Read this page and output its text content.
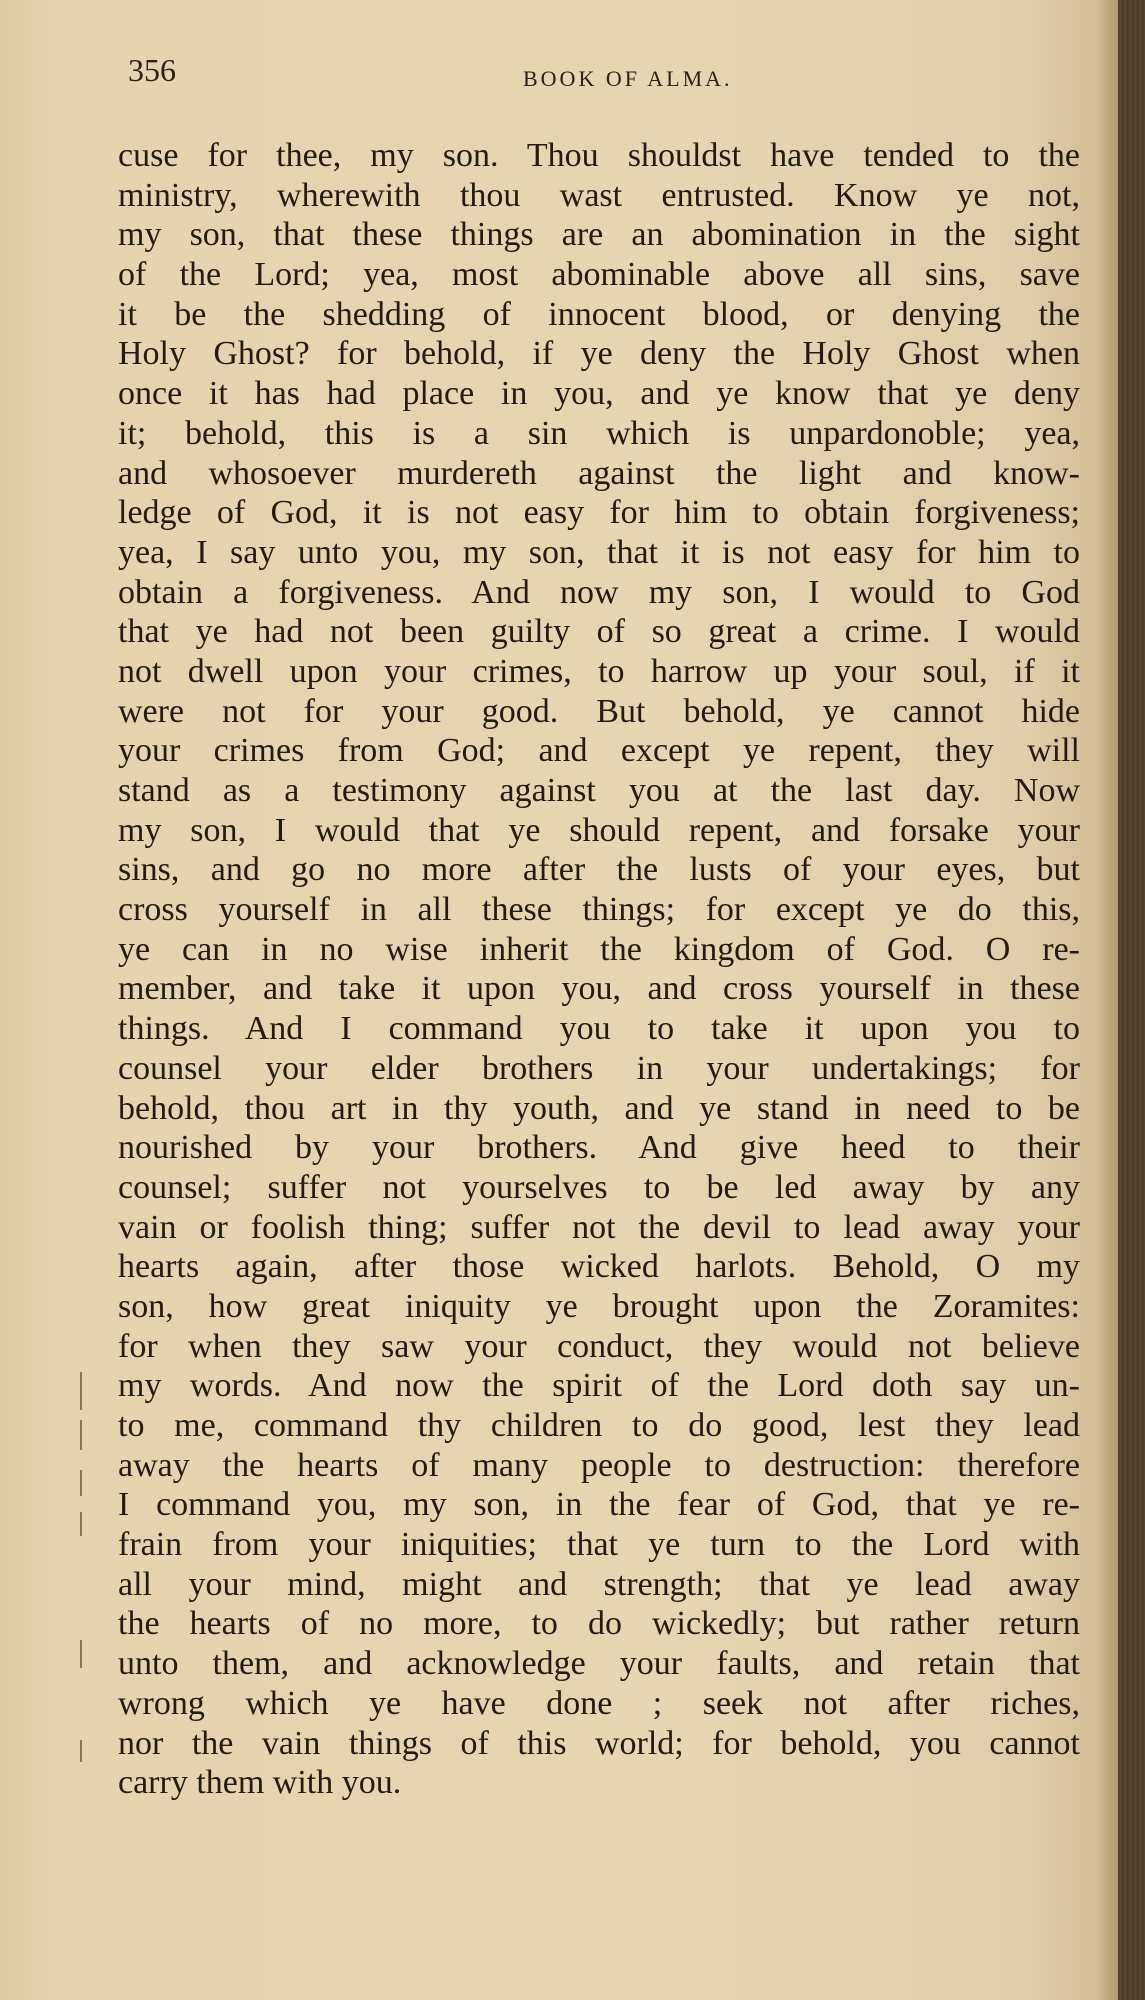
356	BOOK OF ALMA.
cuse for thee, my son. Thou shouldst have tended to the
ministry, wherewith thou wast entrusted. Know ye not,
my son, that these things are an abomination in the sight
of the Lord; yea, most abominable above all sins, save
it be the shedding of innocent blood, or denying the
Holy Ghost? for behold, if ye deny the Holy Ghost when
once it has had place in you, and ye know that ye deny
it; behold, this is a sin which is unpardonoble; yea,
and whosoever murdereth against the light and know-
ledge of God, it is not easy for him to obtain forgiveness;
yea, I say unto you, my son, that it is not easy for him to
obtain a forgiveness. And now my son, I would to God
that ye had not been guilty of so great a crime. I would
not dwell upon your crimes, to harrow up your soul, if it
were not for your good. But behold, ye cannot hide
your crimes from God; and except ye repent, they will
stand as a testimony against you at the last day. Now
my son, I would that ye should repent, and forsake your
sins, and go no more after the lusts of your eyes, but
cross yourself in all these things; for except ye do this,
ye can in no wise inherit the kingdom of God. O re-
member, and take it upon you, and cross yourself in these
things. And I command you to take it upon you to
counsel your elder brothers in your undertakings; for
behold, thou art in thy youth, and ye stand in need to be
nourished by your brothers. And give heed to their
counsel; suffer not yourselves to be led away by any
vain or foolish thing; suffer not the devil to lead away your
hearts again, after those wicked harlots. Behold, O my
son, how great iniquity ye brought upon the Zoramites:
for when they saw your conduct, they would not believe
my words. And now the spirit of the Lord doth say un-
to me, command thy children to do good, lest they lead
away the hearts of many people to destruction: therefore
I command you, my son, in the fear of God, that ye re-
frain from your iniquities; that ye turn to the Lord with
all your mind, might and strength; that ye lead away
the hearts of no more, to do wickedly; but rather return
unto them, and acknowledge your faults, and retain that
wrong which ye have done ; seek not after riches,
nor the vain things of this world; for behold, you cannot
carry them with you.
